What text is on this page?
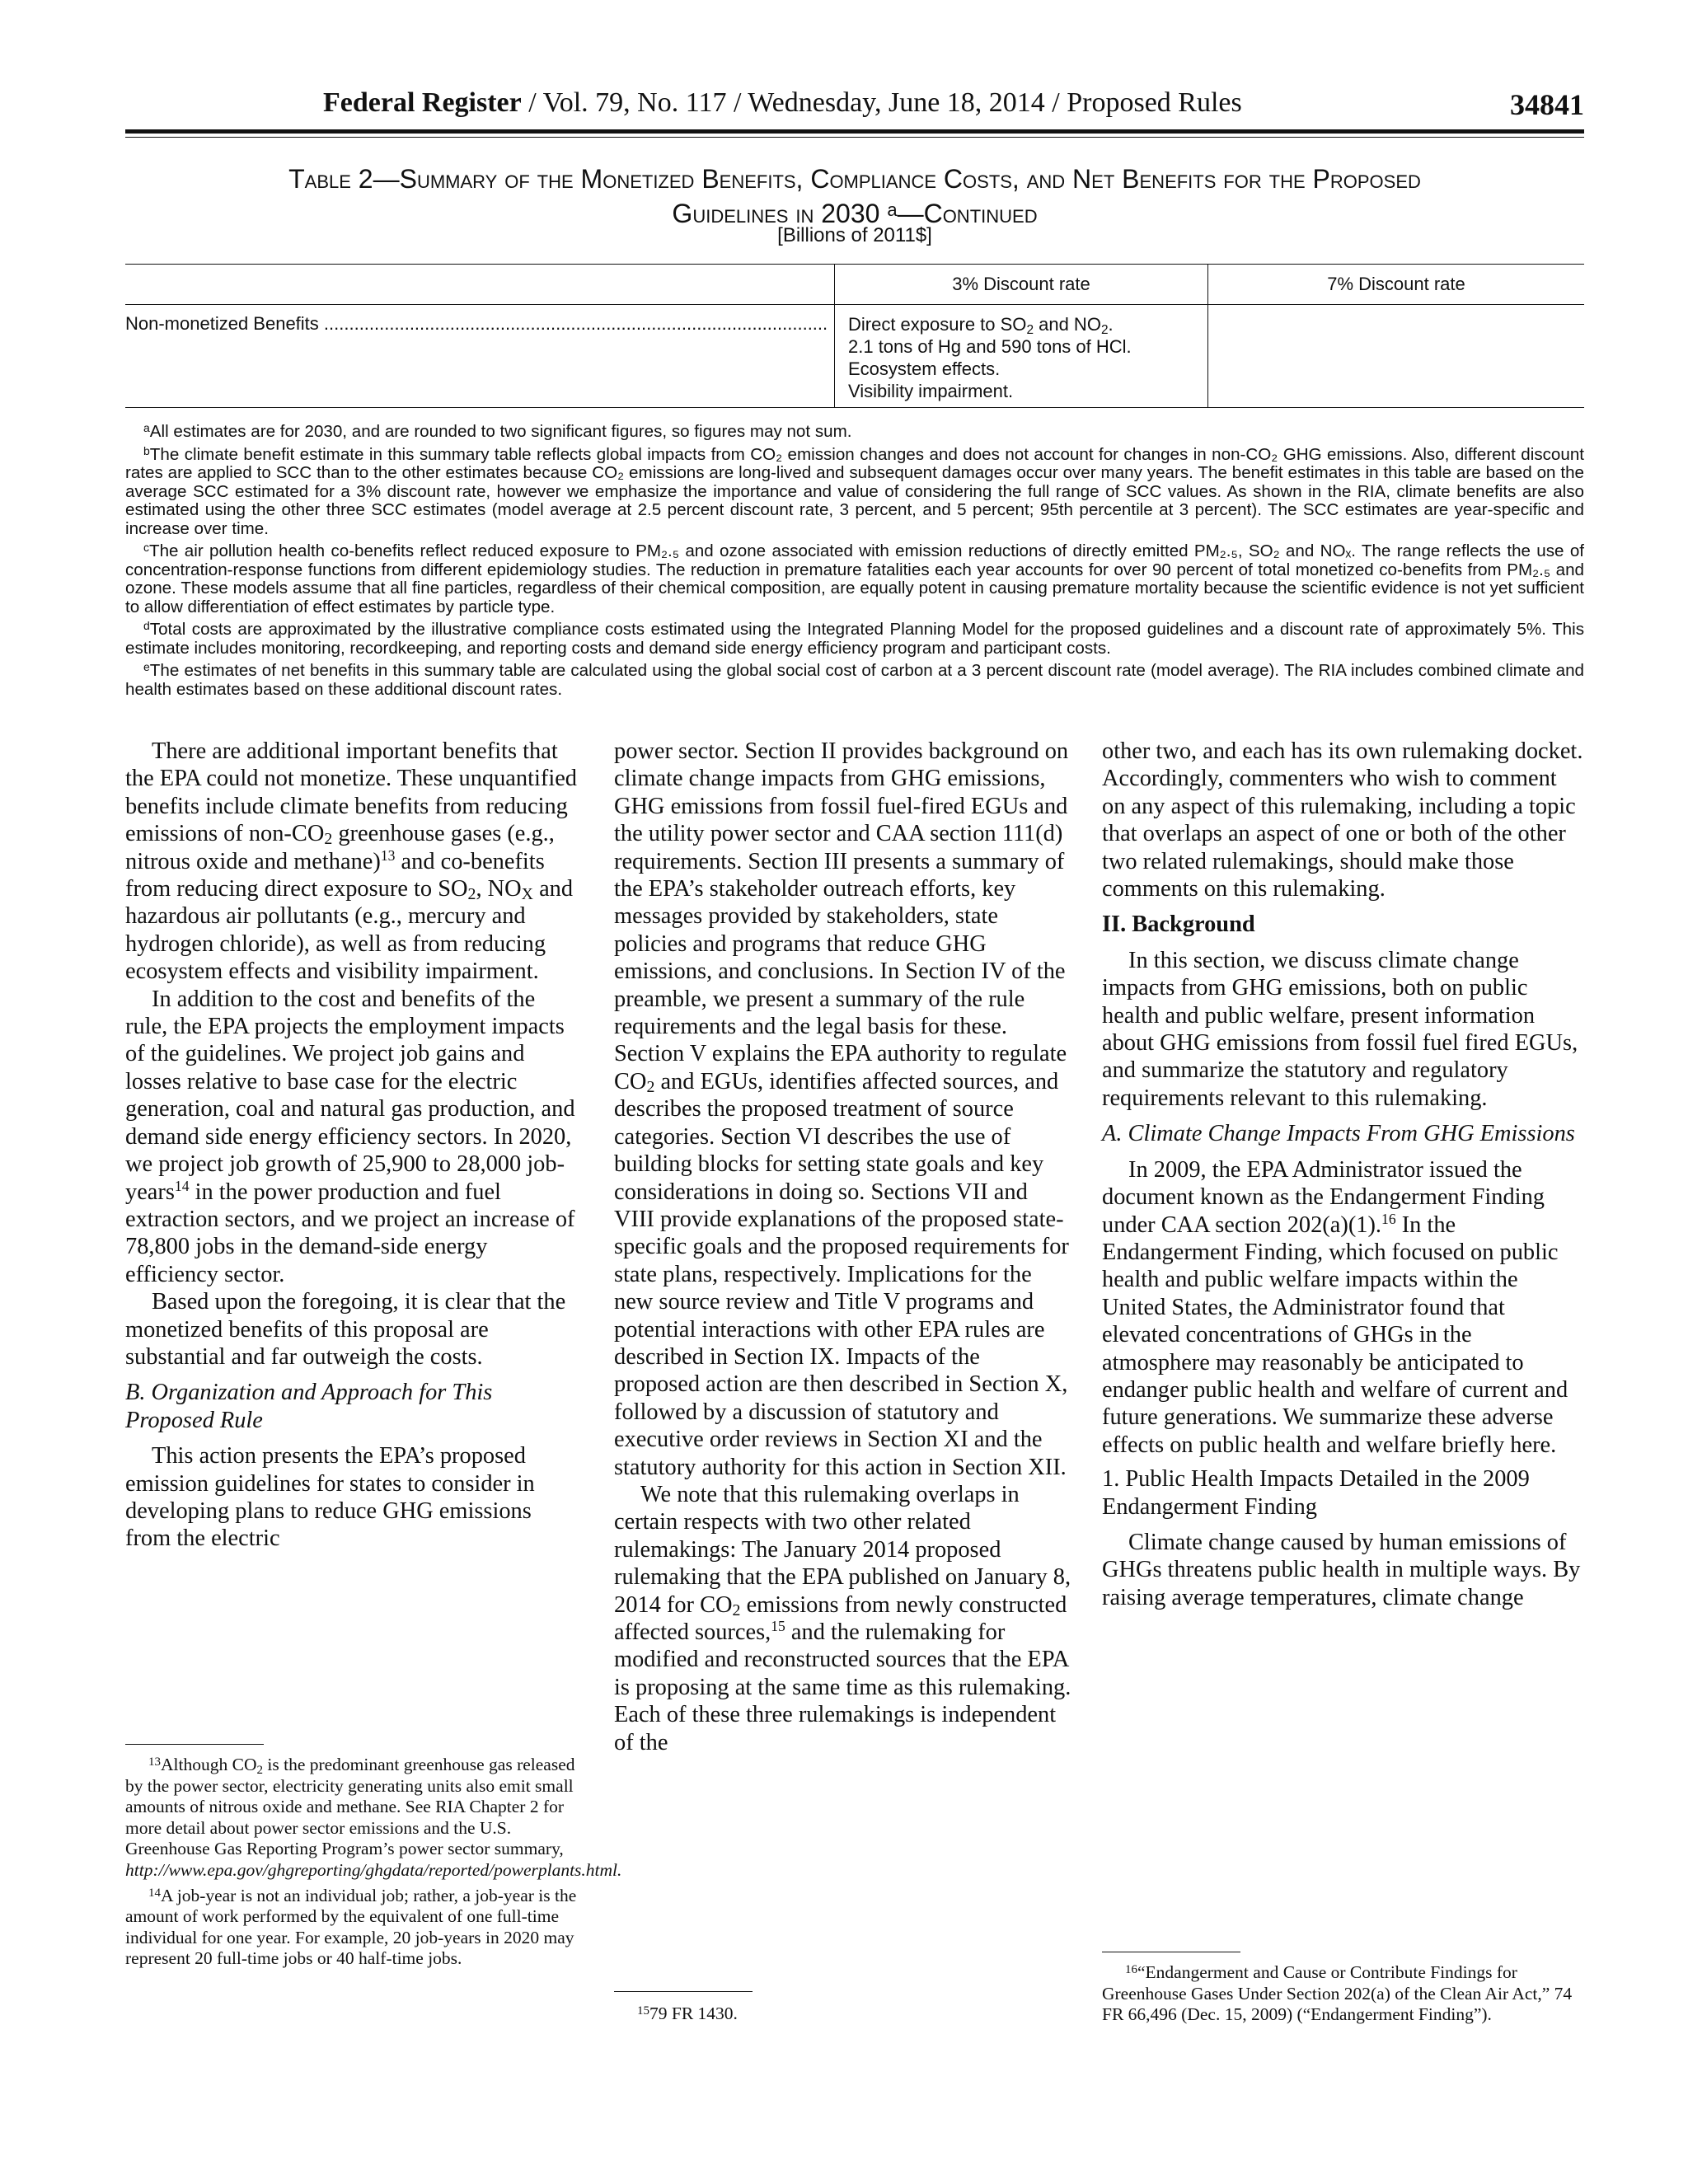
Federal Register / Vol. 79, No. 117 / Wednesday, June 18, 2014 / Proposed Rules	34841
Table 2—Summary of the Monetized Benefits, Compliance Costs, and Net Benefits for the Proposed
Guidelines in 2030 $^a$—Continued
[Billions of 2011$]
	3% Discount rate	7% Discount rate

Non-monetized Benefits ....................................................................................................	Direct exposure to $SO_2$ and $NO_2$.
2.1 tons of Hg and 590 tons of HCl.
Ecosystem effects.
Visibility impairment.	

$^a$All estimates are for 2030, and are rounded to two significant figures, so figures may not sum.

$^b$The climate benefit estimate in this summary table reflects global impacts from CO₂ emission changes and does not account for changes in non-CO₂ GHG emissions. Also, different discount rates are applied to SCC than to the other estimates because CO₂ emissions are long-lived and subsequent damages occur over many years. The benefit estimates in this table are based on the average SCC estimated for a 3% discount rate, however we emphasize the importance and value of considering the full range of SCC values. As shown in the RIA, climate benefits are also estimated using the other three SCC estimates (model average at 2.5 percent discount rate, 3 percent, and 5 percent; 95th percentile at 3 percent). The SCC estimates are year-specific and increase over time.

$^c$The air pollution health co-benefits reflect reduced exposure to PM₂.₅ and ozone associated with emission reductions of directly emitted PM₂.₅, SO₂ and NOₓ. The range reflects the use of concentration-response functions from different epidemiology studies. The reduction in premature fatalities each year accounts for over 90 percent of total monetized co-benefits from PM₂.₅ and ozone. These models assume that all fine particles, regardless of their chemical composition, are equally potent in causing premature mortality because the scientific evidence is not yet sufficient to allow differentiation of effect estimates by particle type.

$^d$Total costs are approximated by the illustrative compliance costs estimated using the Integrated Planning Model for the proposed guidelines and a discount rate of approximately 5%. This estimate includes monitoring, recordkeeping, and reporting costs and demand side energy efficiency program and participant costs.

$^e$The estimates of net benefits in this summary table are calculated using the global social cost of carbon at a 3 percent discount rate (model average). The RIA includes combined climate and health estimates based on these additional discount rates.

There are additional important benefits that the EPA could not monetize. These unquantified benefits include climate benefits from reducing emissions of non-$CO_2$ greenhouse gases (e.g., nitrous oxide and methane)$^{13}$ and co-benefits from reducing direct exposure to $SO_2$, $NO_X$ and hazardous air pollutants (e.g., mercury and hydrogen chloride), as well as from reducing ecosystem effects and visibility impairment.

In addition to the cost and benefits of the rule, the EPA projects the employment impacts of the guidelines. We project job gains and losses relative to base case for the electric generation, coal and natural gas production, and demand side energy efficiency sectors. In 2020, we project job growth of 25,900 to 28,000 job-years$^{14}$ in the power production and fuel extraction sectors, and we project an increase of 78,800 jobs in the demand-side energy efficiency sector.

Based upon the foregoing, it is clear that the monetized benefits of this proposal are substantial and far outweigh the costs.

B. Organization and Approach for This Proposed Rule

This action presents the EPA’s proposed emission guidelines for states to consider in developing plans to reduce GHG emissions from the electric

$^{13}$Although $CO_2$ is the predominant greenhouse gas released by the power sector, electricity generating units also emit small amounts of nitrous oxide and methane. See RIA Chapter 2 for more detail about power sector emissions and the U.S. Greenhouse Gas Reporting Program’s power sector summary, http://www.epa.gov/ghgreporting/ghgdata/reported/powerplants.html.

$^{14}$A job-year is not an individual job; rather, a job-year is the amount of work performed by the equivalent of one full-time individual for one year. For example, 20 job-years in 2020 may represent 20 full-time jobs or 40 half-time jobs.

power sector. Section II provides background on climate change impacts from GHG emissions, GHG emissions from fossil fuel-fired EGUs and the utility power sector and CAA section 111(d) requirements. Section III presents a summary of the EPA’s stakeholder outreach efforts, key messages provided by stakeholders, state policies and programs that reduce GHG emissions, and conclusions. In Section IV of the preamble, we present a summary of the rule requirements and the legal basis for these. Section V explains the EPA authority to regulate $CO_2$ and EGUs, identifies affected sources, and describes the proposed treatment of source categories. Section VI describes the use of building blocks for setting state goals and key considerations in doing so. Sections VII and VIII provide explanations of the proposed state-specific goals and the proposed requirements for state plans, respectively. Implications for the new source review and Title V programs and potential interactions with other EPA rules are described in Section IX. Impacts of the proposed action are then described in Section X, followed by a discussion of statutory and executive order reviews in Section XI and the statutory authority for this action in Section XII.

We note that this rulemaking overlaps in certain respects with two other related rulemakings: The January 2014 proposed rulemaking that the EPA published on January 8, 2014 for $CO_2$ emissions from newly constructed affected sources,$^{15}$ and the rulemaking for modified and reconstructed sources that the EPA is proposing at the same time as this rulemaking. Each of these three rulemakings is independent of the

$^{15}$79 FR 1430.

other two, and each has its own rulemaking docket. Accordingly, commenters who wish to comment on any aspect of this rulemaking, including a topic that overlaps an aspect of one or both of the other two related rulemakings, should make those comments on this rulemaking.

II. Background

In this section, we discuss climate change impacts from GHG emissions, both on public health and public welfare, present information about GHG emissions from fossil fuel fired EGUs, and summarize the statutory and regulatory requirements relevant to this rulemaking.

A. Climate Change Impacts From GHG Emissions

In 2009, the EPA Administrator issued the document known as the Endangerment Finding under CAA section 202(a)(1).$^{16}$ In the Endangerment Finding, which focused on public health and public welfare impacts within the United States, the Administrator found that elevated concentrations of GHGs in the atmosphere may reasonably be anticipated to endanger public health and welfare of current and future generations. We summarize these adverse effects on public health and welfare briefly here.

1. Public Health Impacts Detailed in the 2009 Endangerment Finding

Climate change caused by human emissions of GHGs threatens public health in multiple ways. By raising average temperatures, climate change

$^{16}$“Endangerment and Cause or Contribute Findings for Greenhouse Gases Under Section 202(a) of the Clean Air Act,” 74 FR 66,496 (Dec. 15, 2009) (“Endangerment Finding”).
